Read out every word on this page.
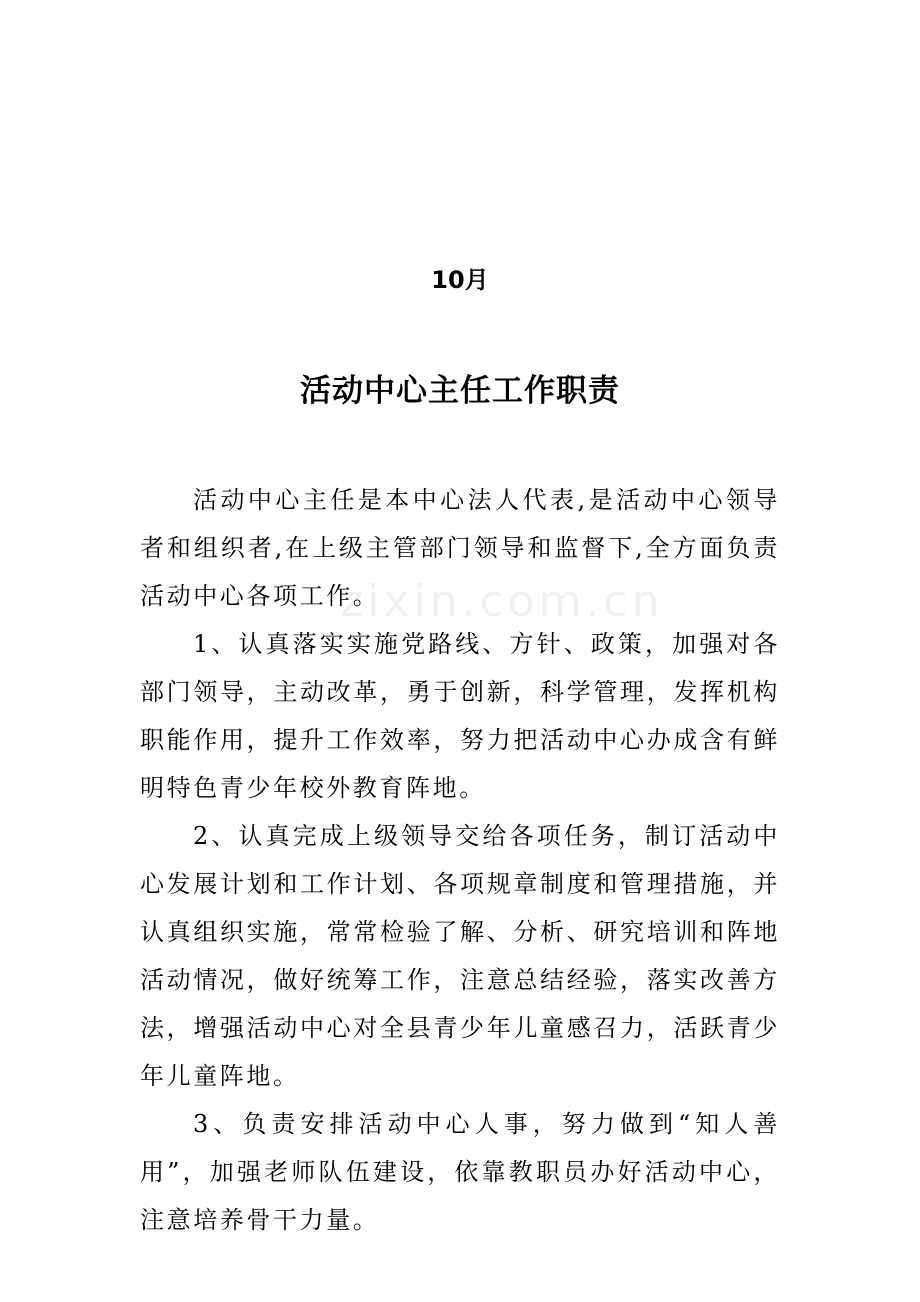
10月
活动中心主任工作职责
zixin.com.cn

活动中心主任是本中心法人代表,是活动中心领导者和组织者,在上级主管部门领导和监督下,全方面负责活动中心各项工作。

1、认真落实实施党路线、方针、政策，加强对各部门领导，主动改革，勇于创新，科学管理，发挥机构职能作用，提升工作效率，努力把活动中心办成含有鲜明特色青少年校外教育阵地。

2、认真完成上级领导交给各项任务，制订活动中心发展计划和工作计划、各项规章制度和管理措施，并认真组织实施，常常检验了解、分析、研究培训和阵地活动情况，做好统筹工作，注意总结经验，落实改善方法，增强活动中心对全县青少年儿童感召力，活跃青少年儿童阵地。

3、负责安排活动中心人事，努力做到“知人善用”，加强老师队伍建设，依靠教职员办好活动中心，注意培养骨干力量。
